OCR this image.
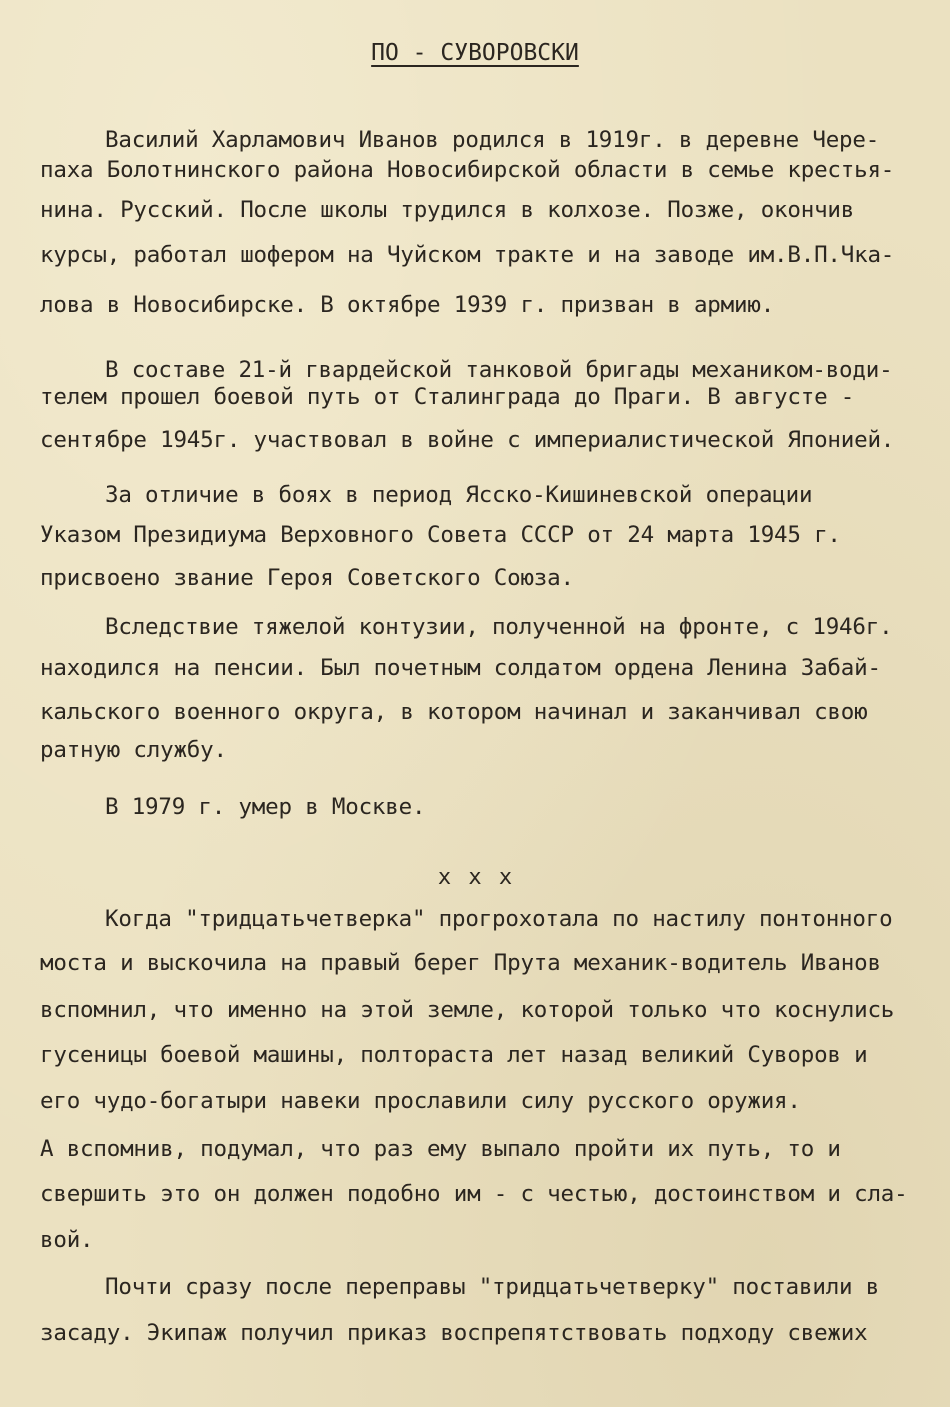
ПО - СУВОРОВСКИ
Василий Харламович Иванов родился в 1919г. в деревне Чере-
паха Болотнинского района Новосибирской области в семье крестья-
нина. Русский. После школы трудился в колхозе. Позже, окончив
курсы, работал шофером на Чуйском тракте и на заводе им.В.П.Чка-
лова в Новосибирске. В октябре 1939 г. призван в армию.
В составе 21-й гвардейской танковой бригады механиком-води-
телем прошел боевой путь от Сталинграда до Праги. В августе -
сентябре 1945г. участвовал в войне с империалистической Японией.
За отличие в боях в период Ясско-Кишиневской операции
Указом Президиума Верховного Совета СССР от 24 марта 1945 г.
присвоено звание Героя Советского Союза.
Вследствие тяжелой контузии, полученной на фронте, с 1946г.
находился на пенсии. Был почетным солдатом ордена Ленина Забай-
кальского военного округа, в котором начинал и заканчивал свою
ратную службу.
В 1979 г. умер в Москве.
х х х
Когда "тридцатьчетверка" прогрохотала по настилу понтонного
моста и выскочила на правый берег Прута механик-водитель Иванов
вспомнил, что именно на этой земле, которой только что коснулись
гусеницы боевой машины, полтораста лет назад великий Суворов и
его чудо-богатыри навеки прославили силу русского оружия.
А вспомнив, подумал, что раз ему выпало пройти их путь, то и
свершить это он должен подобно им - с честью, достоинством и сла-
вой.
Почти сразу после переправы "тридцатьчетверку" поставили в
засаду. Экипаж получил приказ воспрепятствовать подходу свежих
